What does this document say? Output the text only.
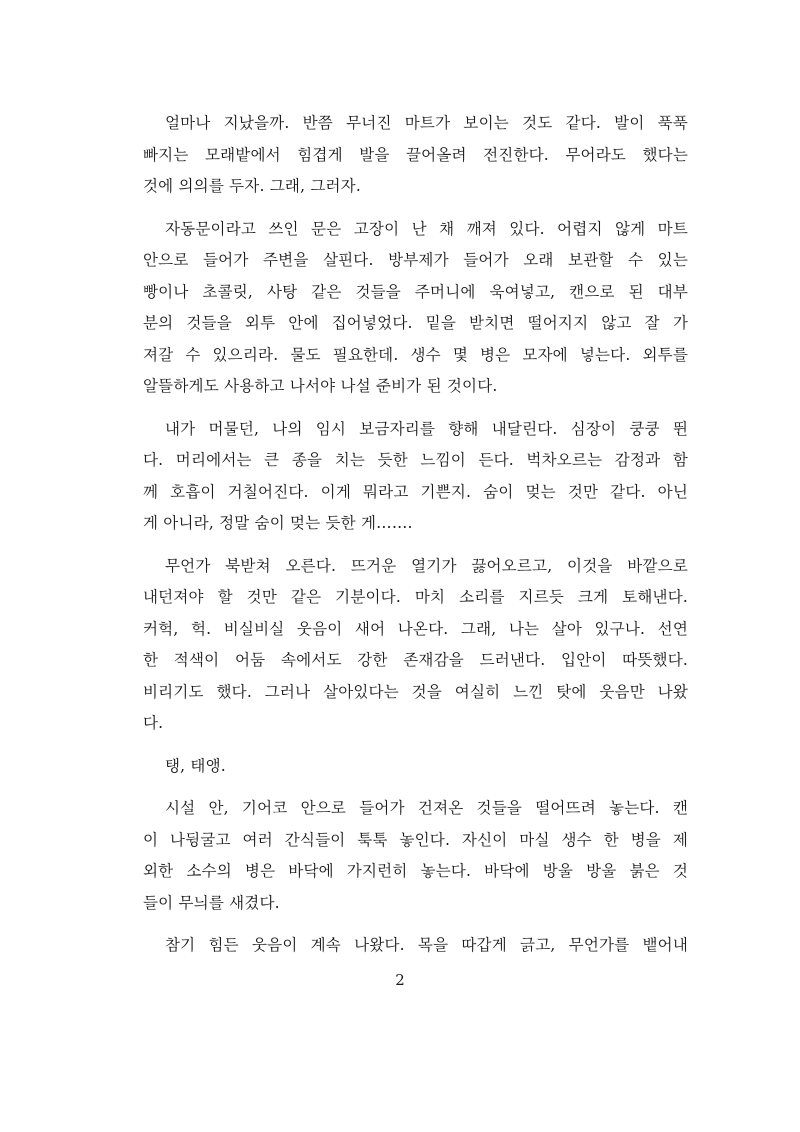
얼마나 지났을까. 반쯤 무너진 마트가 보이는 것도 같다. 발이 푹푹
빠지는 모래밭에서 힘겹게 발을 끌어올려 전진한다. 무어라도 했다는
것에 의의를 두자. 그래, 그러자.
자동문이라고 쓰인 문은 고장이 난 채 깨져 있다. 어렵지 않게 마트
안으로 들어가 주변을 살핀다. 방부제가 들어가 오래 보관할 수 있는
빵이나 초콜릿, 사탕 같은 것들을 주머니에 욱여넣고, 캔으로 된 대부
분의 것들을 외투 안에 집어넣었다. 밑을 받치면 떨어지지 않고 잘 가
져갈 수 있으리라. 물도 필요한데. 생수 몇 병은 모자에 넣는다. 외투를
알뜰하게도 사용하고 나서야 나설 준비가 된 것이다.
내가 머물던, 나의 임시 보금자리를 향해 내달린다. 심장이 쿵쿵 뛴
다. 머리에서는 큰 종을 치는 듯한 느낌이 든다. 벅차오르는 감정과 함
께 호흡이 거칠어진다. 이게 뭐라고 기쁜지. 숨이 멎는 것만 같다. 아닌
게 아니라, 정말 숨이 멎는 듯한 게…….
무언가 북받쳐 오른다. 뜨거운 열기가 끓어오르고, 이것을 바깥으로
내던져야 할 것만 같은 기분이다. 마치 소리를 지르듯 크게 토해낸다.
커헉, 헉. 비실비실 웃음이 새어 나온다. 그래, 나는 살아 있구나. 선연
한 적색이 어둠 속에서도 강한 존재감을 드러낸다. 입안이 따뜻했다.
비리기도 했다. 그러나 살아있다는 것을 여실히 느낀 탓에 웃음만 나왔
다.
탱, 태앵.
시설 안, 기어코 안으로 들어가 건져온 것들을 떨어뜨려 놓는다. 캔
이 나뒹굴고 여러 간식들이 툭툭 놓인다. 자신이 마실 생수 한 병을 제
외한 소수의 병은 바닥에 가지런히 놓는다. 바닥에 방울 방울 붉은 것
들이 무늬를 새겼다.
참기 힘든 웃음이 계속 나왔다. 목을 따갑게 긁고, 무언가를 뱉어내
2
